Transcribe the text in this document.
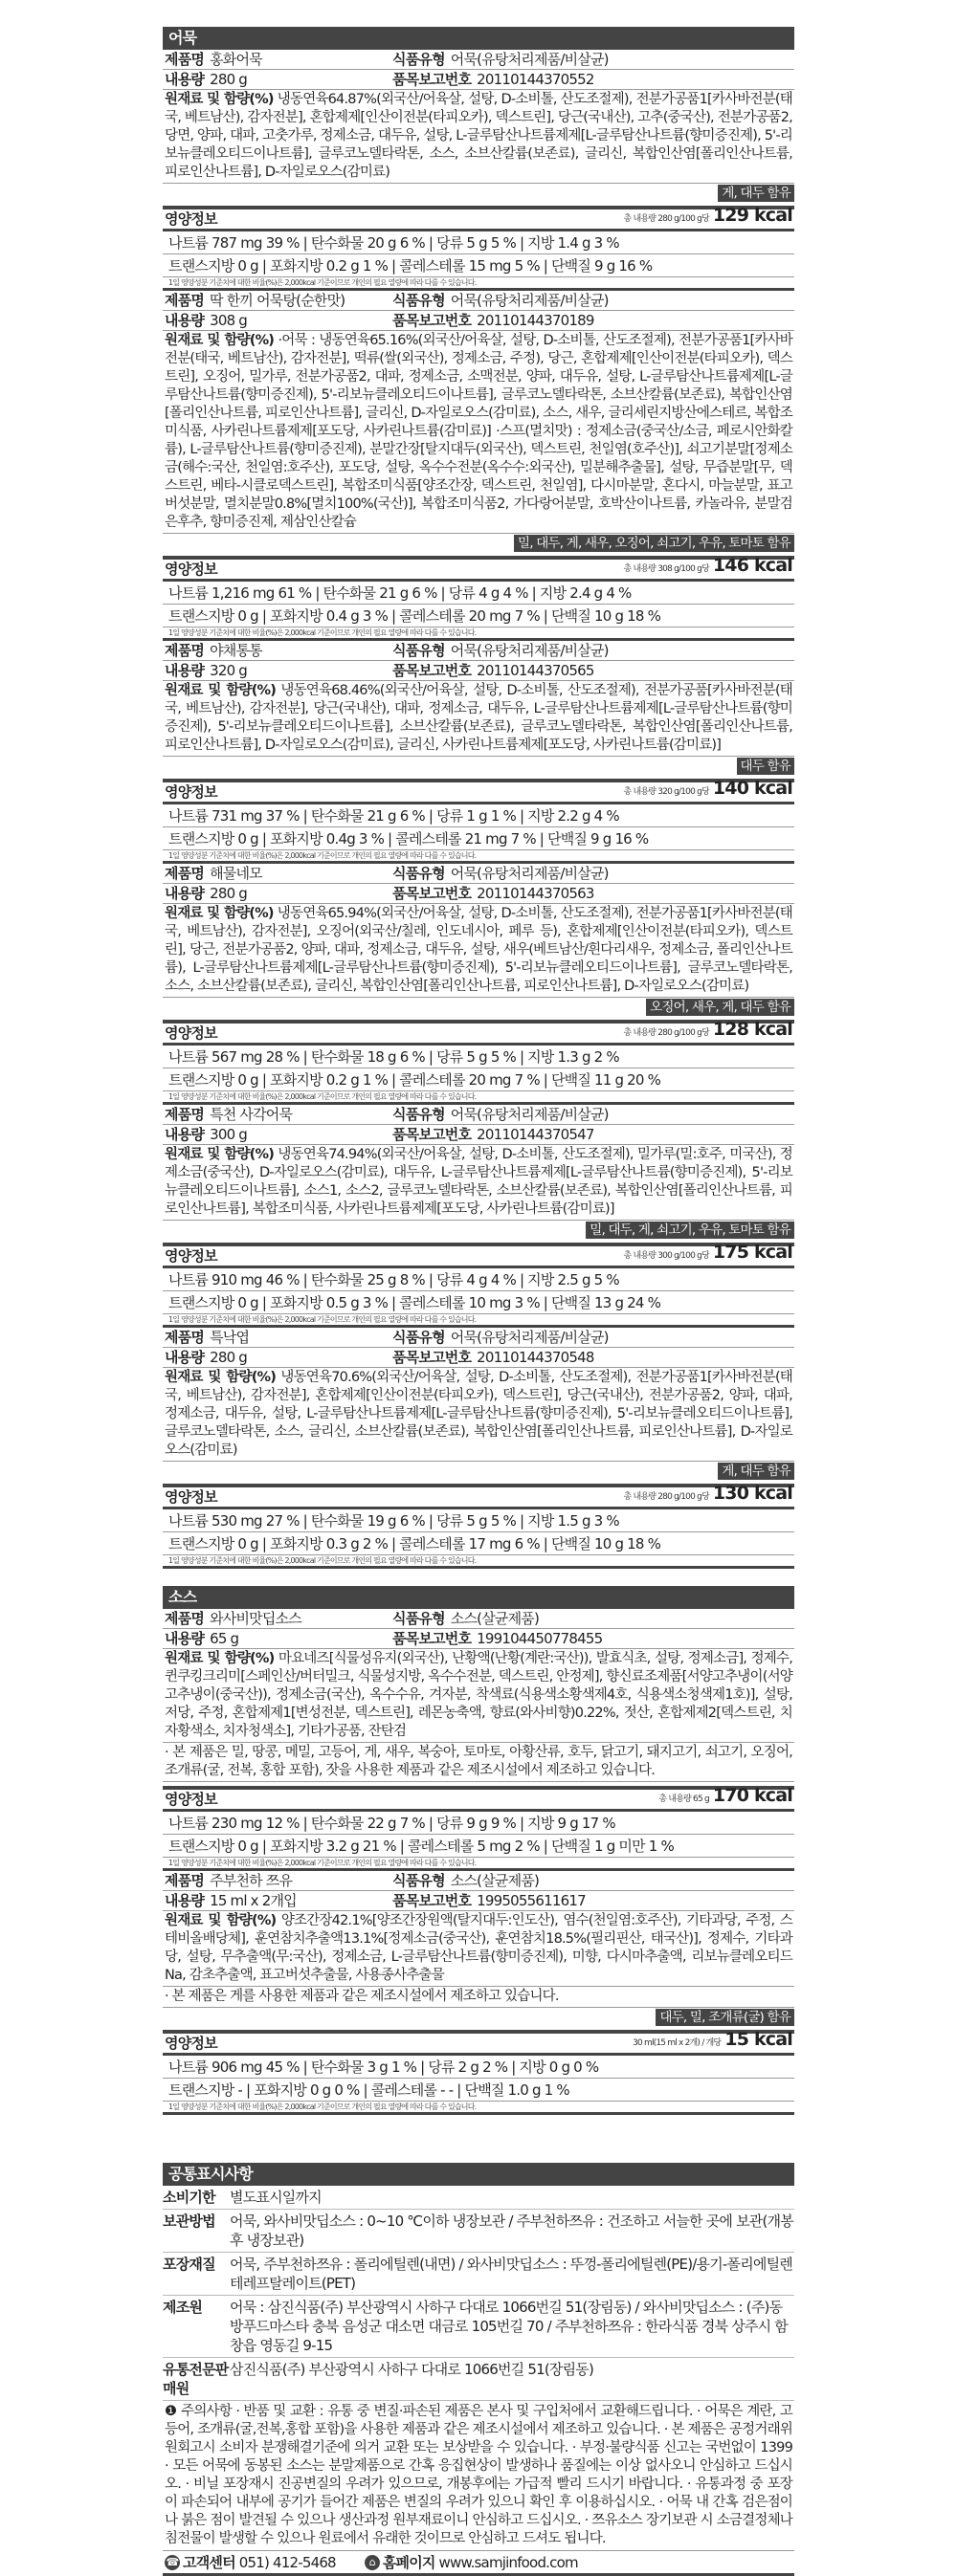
어묵
제품명 홍화어묵	식품유형 어묵(유탕처리제품/비살균)
내용량 280 g	품목보고번호 20110144370552
원재료 및 함량(%) 냉동연육64.87%(외국산/어육살, 설탕, D-소비톨, 산도조절제), 전분가공품1[카사바전분(태국, 베트남산), 감자전분], 혼합제제[인산이전분(타피오카), 덱스트린], 당근(국내산), 고추(중국산), 전분가공품2, 당면, 양파, 대파, 고춧가루, 정제소금, 대두유, 설탕, L-글루탐산나트륨제제[L-글루탐산나트륨(향미증진제), 5'-리보뉴클레오티드이나트륨], 글루코노델타락톤, 소스, 소브산칼륨(보존료), 글리신, 복합인산염[폴리인산나트륨, 피로인산나트륨], D-자일로오스(감미료)
게, 대두 함유
영양정보	총 내용량 280 g/100 g당 129 kcal
나트륨 787 mg 39 % | 탄수화물 20 g 6 % | 당류 5 g 5 % | 지방 1.4 g 3 %
트랜스지방 0 g | 포화지방 0.2 g 1 % | 콜레스테롤 15 mg 5 % | 단백질 9 g 16 %
1일 영양성분 기준치에 대한 비율(%)은 2,000kcal 기준이므로 개인의 필요 열량에 따라 다를 수 있습니다.
제품명 딱 한끼 어묵탕(순한맛)	식품유형 어묵(유탕처리제품/비살균)
내용량 308 g	품목보고번호 20110144370189
원재료 및 함량(%) ·어묵 : 냉동연육65.16%(외국산/어육살, 설탕, D-소비톨, 산도조절제), 전분가공품1[카사바전분(태국, 베트남산), 감자전분], 떡류(쌀(외국산), 정제소금, 주정), 당근, 혼합제제[인산이전분(타피오카), 덱스트린], 오징어, 밀가루, 전분가공품2, 대파, 정제소금, 소맥전분, 양파, 대두유, 설탕, L-글루탐산나트륨제제[L-글루탐산나트륨(향미증진제), 5'-리보뉴클레오티드이나트륨], 글루코노델타락톤, 소브산칼륨(보존료), 복합인산염[폴리인산나트륨, 피로인산나트륨], 글리신, D-자일로오스(감미료), 소스, 새우, 글리세린지방산에스테르, 복합조미식품, 사카린나트륨제제[포도당, 사카린나트륨(감미료)] ·스프(멸치맛) : 정제소금(중국산/소금, 페로시안화칼륨), L-글루탐산나트륨(향미증진제), 분말간장[탈지대두(외국산), 덱스트린, 천일염(호주산)], 쇠고기분말[정제소금(해수:국산, 천일염:호주산), 포도당, 설탕, 옥수수전분(옥수수:외국산), 밀분해추출물], 설탕, 무즙분말[무, 덱스트린, 베타-시클로덱스트린], 복합조미식품[양조간장, 덱스트린, 천일염], 다시마분말, 혼다시, 마늘분말, 표고버섯분말, 멸치분말0.8%[멸치100%(국산)], 복합조미식품2, 가다랑어분말, 호박산이나트륨, 카놀라유, 분말검은후추, 향미증진제, 제삼인산칼슘
밀, 대두, 게, 새우, 오징어, 쇠고기, 우유, 토마토 함유
영양정보	총 내용량 308 g/100 g당 146 kcal
나트륨 1,216 mg 61 % | 탄수화물 21 g 6 % | 당류 4 g 4 % | 지방 2.4 g 4 %
트랜스지방 0 g | 포화지방 0.4 g 3 % | 콜레스테롤 20 mg 7 % | 단백질 10 g 18 %
1일 영양성분 기준치에 대한 비율(%)은 2,000kcal 기준이므로 개인의 필요 열량에 따라 다를 수 있습니다.
제품명 야채통통	식품유형 어묵(유탕처리제품/비살균)
내용량 320 g	품목보고번호 20110144370565
원재료 및 함량(%) 냉동연육68.46%(외국산/어육살, 설탕, D-소비톨, 산도조절제), 전분가공품[카사바전분(태국, 베트남산), 감자전분], 당근(국내산), 대파, 정제소금, 대두유, L-글루탐산나트륨제제[L-글루탐산나트륨(향미증진제), 5'-리보뉴클레오티드이나트륨], 소브산칼륨(보존료), 글루코노델타락톤, 복합인산염[폴리인산나트륨, 피로인산나트륨], D-자일로오스(감미료), 글리신, 사카린나트륨제제[포도당, 사카린나트륨(감미료)]
대두 함유
영양정보	총 내용량 320 g/100 g당 140 kcal
나트륨 731 mg 37 % | 탄수화물 21 g 6 % | 당류 1 g 1 % | 지방 2.2 g 4 %
트랜스지방 0 g | 포화지방 0.4g 3 % | 콜레스테롤 21 mg 7 % | 단백질 9 g 16 %
1일 영양성분 기준치에 대한 비율(%)은 2,000kcal 기준이므로 개인의 필요 열량에 따라 다를 수 있습니다.
제품명 해물네모	식품유형 어묵(유탕처리제품/비살균)
내용량 280 g	품목보고번호 20110144370563
원재료 및 함량(%) 냉동연육65.94%(외국산/어육살, 설탕, D-소비톨, 산도조절제), 전분가공품1[카사바전분(태국, 베트남산), 감자전분], 오징어(외국산/칠레, 인도네시아, 페루 등), 혼합제제[인산이전분(타피오카), 덱스트린], 당근, 전분가공품2, 양파, 대파, 정제소금, 대두유, 설탕, 새우(베트남산/흰다리새우, 정제소금, 폴리인산나트륨), L-글루탐산나트륨제제[L-글루탐산나트륨(향미증진제), 5'-리보뉴클레오티드이나트륨], 글루코노델타락톤, 소스, 소브산칼륨(보존료), 글리신, 복합인산염[폴리인산나트륨, 피로인산나트륨], D-자일로오스(감미료)
오징어, 새우, 게, 대두 함유
영양정보	총 내용량 280 g/100 g당 128 kcal
나트륨 567 mg 28 % | 탄수화물 18 g 6 % | 당류 5 g 5 % | 지방 1.3 g 2 %
트랜스지방 0 g | 포화지방 0.2 g 1 % | 콜레스테롤 20 mg 7 % | 단백질 11 g 20 %
1일 영양성분 기준치에 대한 비율(%)은 2,000kcal 기준이므로 개인의 필요 열량에 따라 다를 수 있습니다.
제품명 특천 사각어묵	식품유형 어묵(유탕처리제품/비살균)
내용량 300 g	품목보고번호 20110144370547
원재료 및 함량(%) 냉동연육74.94%(외국산/어육살, 설탕, D-소비톨, 산도조절제), 밀가루(밀:호주, 미국산), 정제소금(중국산), D-자일로오스(감미료), 대두유, L-글루탐산나트륨제제[L-글루탐산나트륨(향미증진제), 5'-리보뉴클레오티드이나트륨], 소스1, 소스2, 글루코노델타락톤, 소브산칼륨(보존료), 복합인산염[폴리인산나트륨, 피로인산나트륨], 복합조미식품, 사카린나트륨제제[포도당, 사카린나트륨(감미료)]
밀, 대두, 게, 쇠고기, 우유, 토마토 함유
영양정보	총 내용량 300 g/100 g당 175 kcal
나트륨 910 mg 46 % | 탄수화물 25 g 8 % | 당류 4 g 4 % | 지방 2.5 g 5 %
트랜스지방 0 g | 포화지방 0.5 g 3 % | 콜레스테롤 10 mg 3 % | 단백질 13 g 24 %
1일 영양성분 기준치에 대한 비율(%)은 2,000kcal 기준이므로 개인의 필요 열량에 따라 다를 수 있습니다.
제품명 특낙엽	식품유형 어묵(유탕처리제품/비살균)
내용량 280 g	품목보고번호 20110144370548
원재료 및 함량(%) 냉동연육70.6%(외국산/어육살, 설탕, D-소비톨, 산도조절제), 전분가공품1[카사바전분(태국, 베트남산), 감자전분], 혼합제제[인산이전분(타피오카), 덱스트린], 당근(국내산), 전분가공품2, 양파, 대파, 정제소금, 대두유, 설탕, L-글루탐산나트륨제제[L-글루탐산나트륨(향미증진제), 5'-리보뉴클레오티드이나트륨], 글루코노델타락톤, 소스, 글리신, 소브산칼륨(보존료), 복합인산염[폴리인산나트륨, 피로인산나트륨], D-자일로오스(감미료)
게, 대두 함유
영양정보	총 내용량 280 g/100 g당 130 kcal
나트륨 530 mg 27 % | 탄수화물 19 g 6 % | 당류 5 g 5 % | 지방 1.5 g 3 %
트랜스지방 0 g | 포화지방 0.3 g 2 % | 콜레스테롤 17 mg 6 % | 단백질 10 g 18 %
1일 영양성분 기준치에 대한 비율(%)은 2,000kcal 기준이므로 개인의 필요 열량에 따라 다를 수 있습니다.
소스
제품명 와사비맛딥소스	식품유형 소스(살균제품)
내용량 65 g	품목보고번호 199104450778455
원재료 및 함량(%) 마요네즈[식물성유지(외국산), 난황액(난황(계란:국산)), 발효식초, 설탕, 정제소금], 정제수, 퀸쿠킹크리미[스페인산/버터밀크, 식물성지방, 옥수수전분, 덱스트린, 안정제], 향신료조제품[서양고추냉이(서양고추냉이(중국산)), 정제소금(국산), 옥수수유, 겨자분, 착색료(식용색소황색제4호, 식용색소청색제1호)], 설탕, 저당, 주정, 혼합제제1[변성전분, 덱스트린], 레몬농축액, 향료(와사비향)0.22%, 젓산, 혼합제제2[덱스트린, 치자황색소, 치자청색소], 기타가공품, 잔탄검
· 본 제품은 밀, 땅콩, 메밀, 고등어, 게, 새우, 복숭아, 토마토, 아황산류, 호두, 닭고기, 돼지고기, 쇠고기, 오징어, 조개류(굴, 전복, 홍합 포함), 잣을 사용한 제품과 같은 제조시설에서 제조하고 있습니다.
영양정보	총 내용량 65 g 170 kcal
나트륨 230 mg 12 % | 탄수화물 22 g 7 % | 당류 9 g 9 % | 지방 9 g 17 %
트랜스지방 0 g | 포화지방 3.2 g 21 % | 콜레스테롤 5 mg 2 % | 단백질 1 g 미만 1 %
1일 영양성분 기준치에 대한 비율(%)은 2,000kcal 기준이므로 개인의 필요 열량에 따라 다를 수 있습니다.
제품명 주부천하 쯔유	식품유형 소스(살균제품)
내용량 15 ml x 2개입	품목보고번호 1995055611617
원재료 및 함량(%) 양조간장42.1%[양조간장원액(탈지대두:인도산), 염수(천일염:호주산), 기타과당, 주정, 스테비올배당체], 훈연참치추출액13.1%[정제소금(중국산), 훈연참치18.5%(필리핀산, 태국산)], 정제수, 기타과당, 설탕, 무추출액(무:국산), 정제소금, L-글루탐산나트륨(향미증진제), 미향, 다시마추출액, 리보뉴클레오티드Na, 감초추출액, 표고버섯추출물, 사용종사추출물
· 본 제품은 게를 사용한 제품과 같은 제조시설에서 제조하고 있습니다.
대두, 밀, 조개류(굴) 함유
영양정보	30 ml(15 ml x 2개) / 개당 15 kcal
나트륨 906 mg 45 % | 탄수화물 3 g 1 % | 당류 2 g 2 % | 지방 0 g 0 %
트랜스지방 - | 포화지방 0 g 0 % | 콜레스테롤 - - | 단백질 1.0 g 1 %
1일 영양성분 기준치에 대한 비율(%)은 2,000kcal 기준이므로 개인의 필요 열량에 따라 다를 수 있습니다.
공통표시사항
소비기한	별도표시일까지
보관방법	어묵, 와사비맛딥소스 : 0~10 ℃이하 냉장보관 / 주부천하쯔유 : 건조하고 서늘한 곳에 보관(개봉 후 냉장보관)
포장재질	어묵, 주부천하쯔유 : 폴리에틸렌(내면) / 와사비맛딥소스 : 뚜껑-폴리에틸렌(PE)/용기-폴리에틸렌테레프탈레이트(PET)
제조원	어묵 : 삼진식품(주) 부산광역시 사하구 다대로 1066번길 51(장림동) / 와사비맛딥소스 : (주)동방푸드마스타 충북 음성군 대소면 대금로 105번길 70 / 주부천하쯔유 : 한라식품 경북 상주시 함창읍 영동길 9-15
유통전문판매원
삼진식품(주) 부산광역시 사하구 다대로 1066번길 51(장림동)
❶ 주의사항 · 반품 및 교환 : 유통 중 변질·파손된 제품은 본사 및 구입처에서 교환해드립니다. · 어묵은 계란, 고등어, 조개류(굴,전복,홍합 포함)을 사용한 제품과 같은 제조시설에서 제조하고 있습니다. · 본 제품은 공정거래위원회고시 소비자 분쟁해결기준에 의거 교환 또는 보상받을 수 있습니다. · 부정·불량식품 신고는 국번없이 1399 · 모든 어묵에 동봉된 소스는 분말제품으로 간혹 응집현상이 발생하나 품질에는 이상 없사오니 안심하고 드십시오. · 비닐 포장재시 진공변질의 우려가 있으므로, 개봉후에는 가급적 빨리 드시기 바랍니다. · 유통과정 중 포장이 파손되어 내부에 공기가 들어간 제품은 변질의 우려가 있으니 확인 후 이용하십시오. · 어묵 내 간혹 검은점이나 붉은 점이 발견될 수 있으나 생산과정 원부재료이니 안심하고 드십시오. · 쯔유소스 장기보관 시 소금결정체나 침전물이 발생할 수 있으나 원료에서 유래한 것이므로 안심하고 드셔도 됩니다.
☎ 고객센터 051) 412-5468	⌂ 홈페이지 www.samjinfood.com
